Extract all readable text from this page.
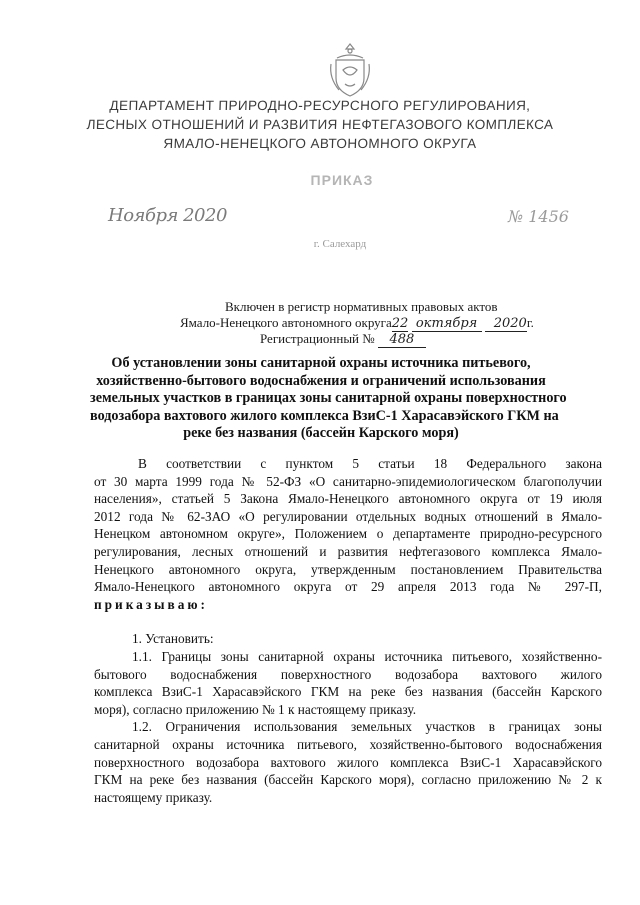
ДЕПАРТАМЕНТ ПРИРОДНО-РЕСУРСНОГО РЕГУЛИРОВАНИЯ,
ЛЕСНЫХ ОТНОШЕНИЙ И РАЗВИТИЯ НЕФТЕГАЗОВОГО КОМПЛЕКСА
ЯМАЛО-НЕНЕЦКОГО АВТОНОМНОГО ОКРУГА
ПРИКАЗ
Ноября 2020	№ 1456
г. Салехард
Включен в регистр нормативных правовых актов
Ямало-Ненецкого автономного округа22 октября 2020г.
Регистрационный № 488
Об установлении зоны санитарной охраны источника питьевого,
хозяйственно-бытового водоснабжения и ограничений использования
земельных участков в границах зоны санитарной охраны поверхностного
водозабора вахтового жилого комплекса ВзиС-1 Харасавэйского ГКМ на
реке без названия (бассейн Карского моря)
В соответствии с пунктом 5 статьи 18 Федерального закона
от 30 марта 1999 года № 52-ФЗ «О санитарно-эпидемиологическом благополучии
населения», статьей 5 Закона Ямало-Ненецкого автономного округа от 19 июля
2012 года № 62-ЗАО «О регулировании отдельных водных отношений в Ямало-
Ненецком автономном округе», Положением о департаменте природно-ресурсного
регулирования, лесных отношений и развития нефтегазового комплекса Ямало-
Ненецкого автономного округа, утвержденным постановлением Правительства
Ямало-Ненецкого автономного округа от 29 апреля 2013 года № 297-П,
приказываю:
1. Установить:
1.1. Границы зоны санитарной охраны источника питьевого, хозяйственно-
бытового водоснабжения поверхностного водозабора вахтового жилого
комплекса ВзиС-1 Харасавэйского ГКМ на реке без названия (бассейн Карского
моря), согласно приложению № 1 к настоящему приказу.
1.2. Ограничения использования земельных участков в границах зоны
санитарной охраны источника питьевого, хозяйственно-бытового водоснабжения
поверхностного водозабора вахтового жилого комплекса ВзиС-1 Харасавэйского
ГКМ на реке без названия (бассейн Карского моря), согласно приложению № 2 к
настоящему приказу.
